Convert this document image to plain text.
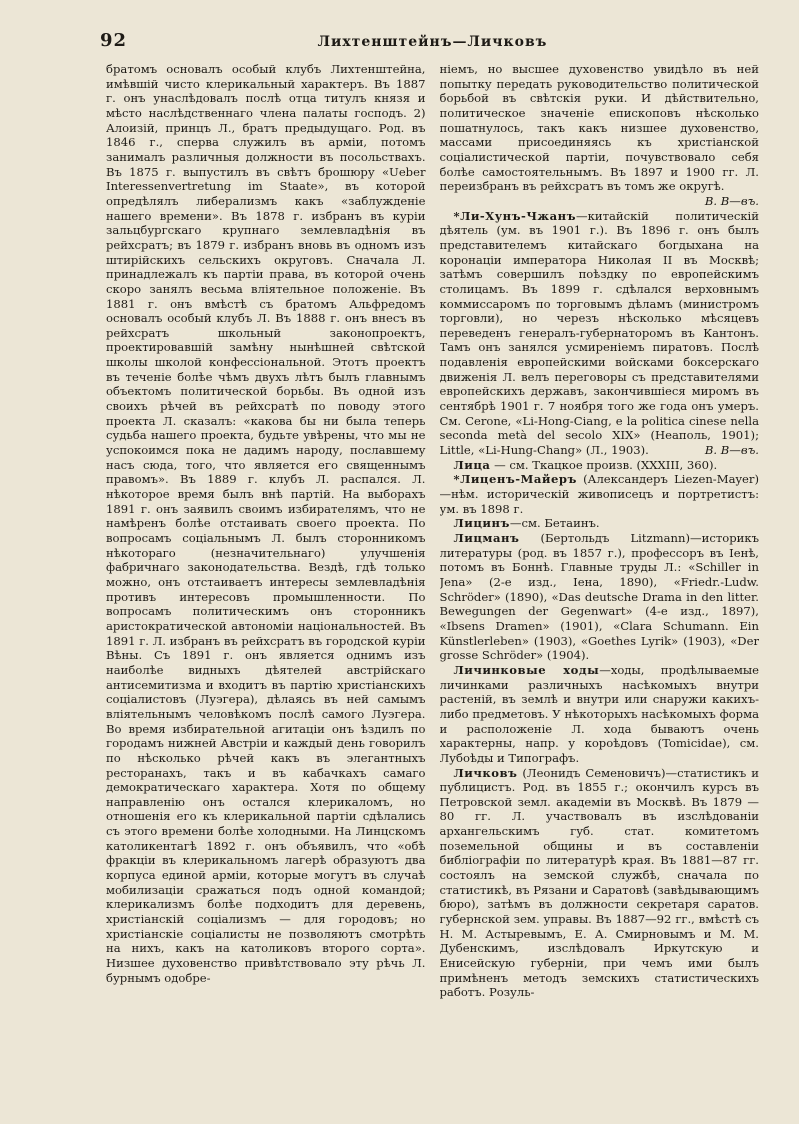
92	Лихтенштейнъ—Личковъ

братомъ основалъ особый клубъ Лихтенштейна, имѣвшій чисто клерикальный характеръ. Въ 1887 г. онъ унаслѣдовалъ послѣ отца титулъ князя и мѣсто наслѣдственнаго члена палаты господъ. 2) Алоизій, принцъ Л., братъ предыдущаго. Род. въ 1846 г., сперва служилъ въ арміи, потомъ занималъ различныя должности въ посольствахъ. Въ 1875 г. выпустилъ въ свѣтъ брошюру «Ueber Interessenvertretung im Staate», въ которой опредѣлялъ либерализмъ какъ «заблужденіе нашего времени». Въ 1878 г. избранъ въ куріи зальцбургскаго крупнаго землевладѣнія въ рейхсратъ; въ 1879 г. избранъ вновь въ одномъ изъ штирійскихъ сельскихъ округовъ. Сначала Л. принадлежалъ къ партіи права, въ которой очень скоро занялъ весьма вліятельное положеніе. Въ 1881 г. онъ вмѣстѣ съ братомъ Альфредомъ основалъ особый клубъ Л. Въ 1888 г. онъ внесъ въ рейхсратъ школьный законопроектъ, проектировавшій замѣну нынѣшней свѣтской школы школой конфессіональной. Этотъ проектъ въ теченіе болѣе чѣмъ двухъ лѣтъ былъ главнымъ объектомъ политической борьбы. Въ одной изъ своихъ рѣчей въ рейхсратѣ по поводу этого проекта Л. сказалъ: «какова бы ни была теперь судьба нашего проекта, будьте увѣрены, что мы не успокоимся пока не дадимъ народу, пославшему насъ сюда, того, что является его священнымъ правомъ». Въ 1889 г. клубъ Л. распался. Л. нѣкоторое время былъ внѣ партій. На выборахъ 1891 г. онъ заявилъ своимъ избирателямъ, что не намѣренъ болѣе отстаивать своего проекта. По вопросамъ соціальнымъ Л. былъ сторонникомъ нѣкотораго (незначительнаго) улучшенія фабричнаго законодательства. Вездѣ, гдѣ только можно, онъ отстаиваетъ интересы землевладѣнія противъ интересовъ промышленности. По вопросамъ политическимъ онъ сторонникъ аристократической автономіи національностей. Въ 1891 г. Л. избранъ въ рейхсратъ въ городской куріи Вѣны. Съ 1891 г. онъ является однимъ изъ наиболѣе видныхъ дѣятелей австрійскаго антисемитизма и входитъ въ партію христіанскихъ соціалистовъ (Луэгера), дѣлаясь въ ней самымъ вліятельнымъ человѣкомъ послѣ самого Луэгера. Во время избирательной агитаціи онъ ѣздилъ по городамъ нижней Австріи и каждый день говорилъ по нѣсколько рѣчей какъ въ элегантныхъ ресторанахъ, такъ и въ кабачкахъ самаго демократическаго характера. Хотя по общему направленію онъ остался клерикаломъ, но отношенія его къ клерикальной партіи сдѣлались съ этого времени болѣе холодными. На Линцскомъ католикентагѣ 1892 г. онъ объявилъ, что «обѣ фракціи въ клерикальномъ лагерѣ образуютъ два корпуса единой арміи, которые могутъ въ случаѣ мобилизаціи сражаться подъ одной командой; клерикализмъ болѣе подходитъ для деревень, христіанскій соціализмъ — для городовъ; но христіанскіе соціалисты не позволяютъ смотрѣть на нихъ, какъ на католиковъ второго сорта». Низшее духовенство привѣтствовало эту рѣчь Л. бурнымъ одобре-

ніемъ, но высшее духовенство увидѣло въ ней попытку передать руководительство политической борьбой въ свѣтскія руки. И дѣйствительно, политическое значеніе епископовъ нѣсколько пошатнулось, такъ какъ низшее духовенство, массами присоединяясь къ христіанской соціалистической партіи, почувствовало себя болѣе самостоятельнымъ. Въ 1897 и 1900 гг. Л. переизбранъ въ рейхсратъ въ томъ же округѣ.
В. В—въ.

*Ли-Хунъ-Чжанъ—китайскій политическій дѣятель (ум. въ 1901 г.). Въ 1896 г. онъ былъ представителемъ китайскаго богдыхана на коронаціи императора Николая II въ Москвѣ; затѣмъ совершилъ поѣздку по европейскимъ столицамъ. Въ 1899 г. сдѣлался верховнымъ коммиссаромъ по торговымъ дѣламъ (министромъ торговли), но черезъ нѣсколько мѣсяцевъ переведенъ генералъ-губернаторомъ въ Кантонъ. Тамъ онъ занялся усмиреніемъ пиратовъ. Послѣ подавленія европейскими войсками боксерскаго движенія Л. велъ переговоры съ представителями европейскихъ державъ, закончившіеся миромъ въ сентябрѣ 1901 г. 7 ноября того же года онъ умеръ. См. Cerone, «Li-Hong-Ciang, e la politica cinese nella seconda metà del secolo XIX» (Неаполь, 1901); Little, «Li-Hung-Chang» (Л., 1903).	В. В—въ.

Лица — см. Ткацкое произв. (XXXIII, 360).

*Лиценъ-Майеръ (Александеръ Liezen-Mayer)—нѣм. историческій живописецъ и портретистъ: ум. въ 1898 г.

Лицинъ—см. Бетаинъ.

Лицманъ (Бертольдъ Litzmann)—историкъ литературы (род. въ 1857 г.), профессоръ въ Іенѣ, потомъ въ Боннѣ. Главные труды Л.: «Schiller in Jena» (2-е изд., Іена, 1890), «Friedr.-Ludw. Schröder» (1890), «Das deutsche Drama in den litter. Bewegungen der Gegenwart» (4-е изд., 1897), «Ibsens Dramen» (1901), «Clara Schumann. Ein Künstlerleben» (1903), «Goethes Lyrik» (1903), «Der grosse Schröder» (1904).

Личинковые ходы—ходы, продѣлываемые личинками различныхъ насѣкомыхъ внутри растеній, въ землѣ и внутри или снаружи какихъ-либо предметовъ. У нѣкоторыхъ насѣкомыхъ форма и расположеніе Л. хода бываютъ очень характерны, напр. у короѣдовъ (Tomicidae), см. Лубоѣды и Типографъ.

Личковъ (Леонидъ Семеновичъ)—статистикъ и публицистъ. Род. въ 1855 г.; окончилъ курсъ въ Петровской земл. академіи въ Москвѣ. Въ 1879 — 80 гг. Л. участвовалъ въ изслѣдованіи архангельскимъ губ. стат. комитетомъ поземельной общины и въ составленіи библіографіи по литературѣ края. Въ 1881—87 гг. состоялъ на земской службѣ, сначала по статистикѣ, въ Рязани и Саратовѣ (завѣдывающимъ бюро), затѣмъ въ должности секретаря саратов. губернской зем. управы. Въ 1887—92 гг., вмѣстѣ съ Н. М. Астыревымъ, Е. А. Смирновымъ и М. М. Дубенскимъ, изслѣдовалъ Иркутскую и Енисейскую губерніи, при чемъ ими былъ примѣненъ методъ земскихъ статистическихъ работъ. Розуль-
